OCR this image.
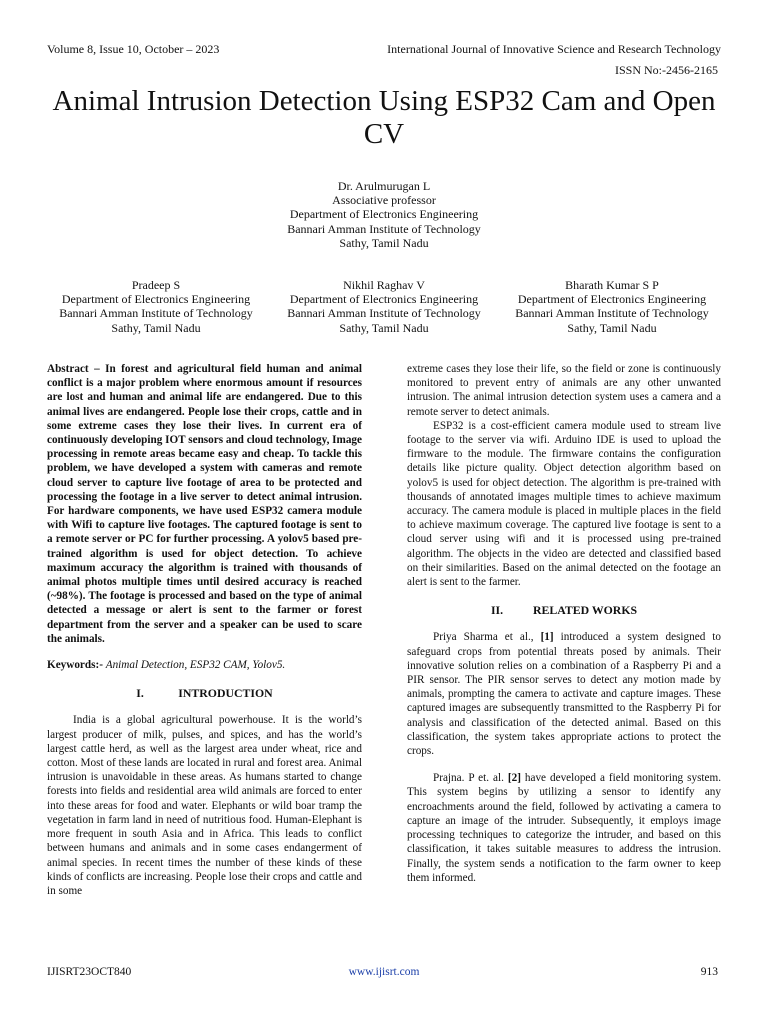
Volume 8, Issue 10, October – 2023	International Journal of Innovative Science and Research Technology
ISSN No:-2456-2165
Animal Intrusion Detection Using ESP32 Cam and Open CV
Dr. Arulmurugan L
Associative professor
Department of Electronics Engineering
Bannari Amman Institute of Technology
Sathy, Tamil Nadu
Pradeep S
Department of Electronics Engineering
Bannari Amman Institute of Technology
Sathy, Tamil Nadu
Nikhil Raghav V
Department of Electronics Engineering
Bannari Amman Institute of Technology
Sathy, Tamil Nadu
Bharath Kumar S P
Department of Electronics Engineering
Bannari Amman Institute of Technology
Sathy, Tamil Nadu

Abstract – In forest and agricultural field human and animal conflict is a major problem where enormous amount if resources are lost and human and animal life are endangered. Due to this animal lives are endangered. People lose their crops, cattle and in some extreme cases they lose their lives. In current era of continuously developing IOT sensors and cloud technology, Image processing in remote areas became easy and cheap. To tackle this problem, we have developed a system with cameras and remote cloud server to capture live footage of area to be protected and processing the footage in a live server to detect animal intrusion. For hardware components, we have used ESP32 camera module with Wifi to capture live footages. The captured footage is sent to a remote server or PC for further processing. A yolov5 based pre-trained algorithm is used for object detection. To achieve maximum accuracy the algorithm is trained with thousands of animal photos multiple times until desired accuracy is reached (~98%). The footage is processed and based on the type of animal detected a message or alert is sent to the farmer or forest department from the server and a speaker can be used to scare the animals.

Keywords:- Animal Detection, ESP32 CAM, Yolov5.

I.	INTRODUCTION

India is a global agricultural powerhouse. It is the world’s largest producer of milk, pulses, and spices, and has the world’s largest cattle herd, as well as the largest area under wheat, rice and cotton. Most of these lands are located in rural and forest area. Animal intrusion is unavoidable in these areas. As humans started to change forests into fields and residential area wild animals are forced to enter into these areas for food and water. Elephants or wild boar tramp the vegetation in farm land in need of nutritious food. Human-Elephant is more frequent in south Asia and in Africa. This leads to conflict between humans and animals and in some cases endangerment of animal species. In recent times the number of these kinds of these kinds of conflicts are increasing. People lose their crops and cattle and in some

extreme cases they lose their life, so the field or zone is continuously monitored to prevent entry of animals are any other unwanted intrusion. The animal intrusion detection system uses a camera and a remote server to detect animals.

ESP32 is a cost-efficient camera module used to stream live footage to the server via wifi. Arduino IDE is used to upload the firmware to the module. The firmware contains the configuration details like picture quality. Object detection algorithm based on yolov5 is used for object detection. The algorithm is pre-trained with thousands of annotated images multiple times to achieve maximum accuracy. The camera module is placed in multiple places in the field to achieve maximum coverage. The captured live footage is sent to a cloud server using wifi and it is processed using pre-trained algorithm. The objects in the video are detected and classified based on their similarities. Based on the animal detected on the footage an alert is sent to the farmer.

II.	RELATED WORKS

Priya Sharma et al., [1] introduced a system designed to safeguard crops from potential threats posed by animals. Their innovative solution relies on a combination of a Raspberry Pi and a PIR sensor. The PIR sensor serves to detect any motion made by animals, prompting the camera to activate and capture images. These captured images are subsequently transmitted to the Raspberry Pi for analysis and classification of the detected animal. Based on this classification, the system takes appropriate actions to protect the crops.

Prajna. P et. al. [2] have developed a field monitoring system. This system begins by utilizing a sensor to identify any encroachments around the field, followed by activating a camera to capture an image of the intruder. Subsequently, it employs image processing techniques to categorize the intruder, and based on this classification, it takes suitable measures to address the intrusion. Finally, the system sends a notification to the farm owner to keep them informed.

IJISRT23OCT840	www.ijisrt.com	913
